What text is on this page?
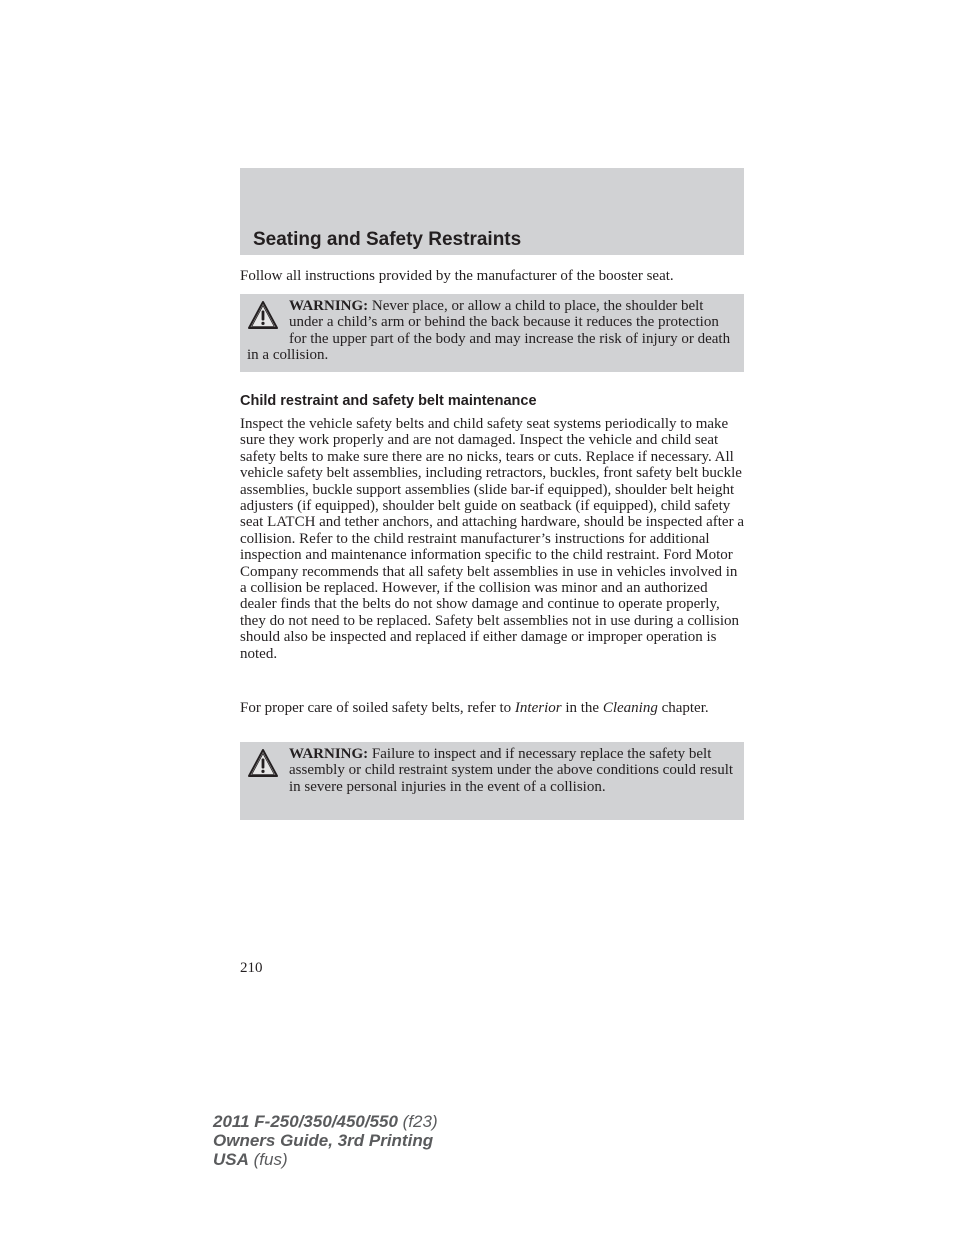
Seating and Safety Restraints

Follow all instructions provided by the manufacturer of the booster seat.

WARNING: Never place, or allow a child to place, the shoulder belt under a child’s arm or behind the back because it reduces the protection for the upper part of the body and may increase the risk of injury or death in a collision.

Child restraint and safety belt maintenance

Inspect the vehicle safety belts and child safety seat systems periodically to make sure they work properly and are not damaged. Inspect the vehicle and child seat safety belts to make sure there are no nicks, tears or cuts. Replace if necessary. All vehicle safety belt assemblies, including retractors, buckles, front safety belt buckle assemblies, buckle support assemblies (slide bar-if equipped), shoulder belt height adjusters (if equipped), shoulder belt guide on seatback (if equipped), child safety seat LATCH and tether anchors, and attaching hardware, should be inspected after a collision. Refer to the child restraint manufacturer’s instructions for additional inspection and maintenance information specific to the child restraint. Ford Motor Company recommends that all safety belt assemblies in use in vehicles involved in a collision be replaced. However, if the collision was minor and an authorized dealer finds that the belts do not show damage and continue to operate properly, they do not need to be replaced. Safety belt assemblies not in use during a collision should also be inspected and replaced if either damage or improper operation is noted.

For proper care of soiled safety belts, refer to Interior in the Cleaning chapter.

WARNING: Failure to inspect and if necessary replace the safety belt assembly or child restraint system under the above conditions could result in severe personal injuries in the event of a collision.

210

2011 F-250/350/450/550 (f23)
Owners Guide, 3rd Printing
USA (fus)
